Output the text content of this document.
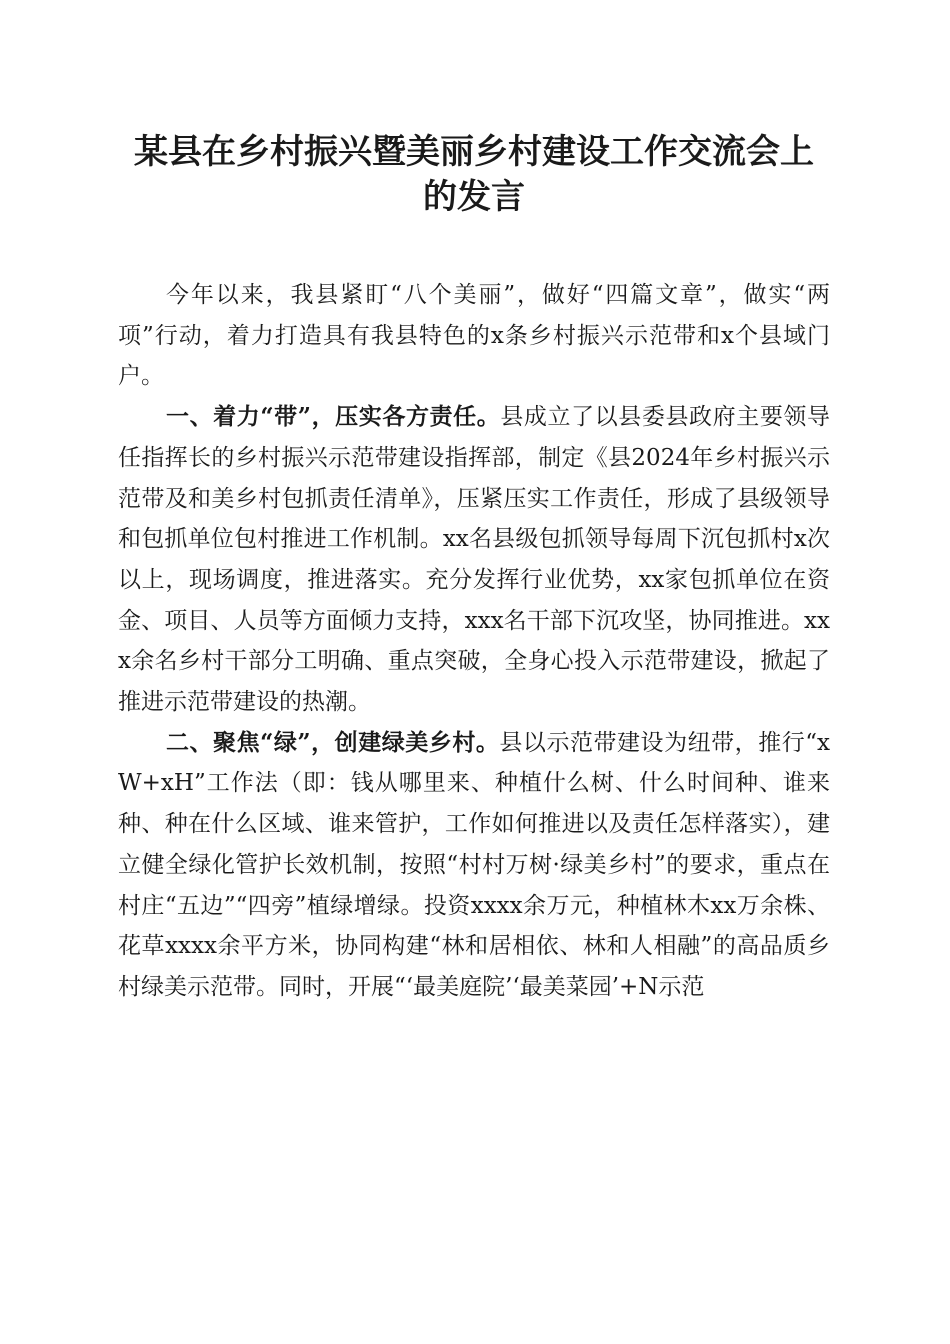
某县在乡村振兴暨美丽乡村建设工作交流会上的发言

今年以来，我县紧盯“八个美丽”，做好“四篇文章”，做实“两项”行动，着力打造具有我县特色的x条乡村振兴示范带和x个县域门户。

一、着力“带”，压实各方责任。县成立了以县委县政府主要领导任指挥长的乡村振兴示范带建设指挥部，制定《县2024年乡村振兴示范带及和美乡村包抓责任清单》，压紧压实工作责任，形成了县级领导和包抓单位包村推进工作机制。xx名县级包抓领导每周下沉包抓村x次以上，现场调度，推进落实。充分发挥行业优势，xx家包抓单位在资金、项目、人员等方面倾力支持，xxx名干部下沉攻坚，协同推进。xxx余名乡村干部分工明确、重点突破，全身心投入示范带建设，掀起了推进示范带建设的热潮。

二、聚焦“绿”，创建绿美乡村。县以示范带建设为纽带，推行“xW+xH”工作法（即：钱从哪里来、种植什么树、什么时间种、谁来种、种在什么区域、谁来管护，工作如何推进以及责任怎样落实），建立健全绿化管护长效机制，按照“村村万树·绿美乡村”的要求，重点在村庄“五边”“四旁”植绿增绿。投资xxxx余万元，种植林木xx万余株、花草xxxx余平方米，协同构建“林和居相依、林和人相融”的高品质乡村绿美示范带。同时，开展“‘最美庭院’‘最美菜园’+N示范
